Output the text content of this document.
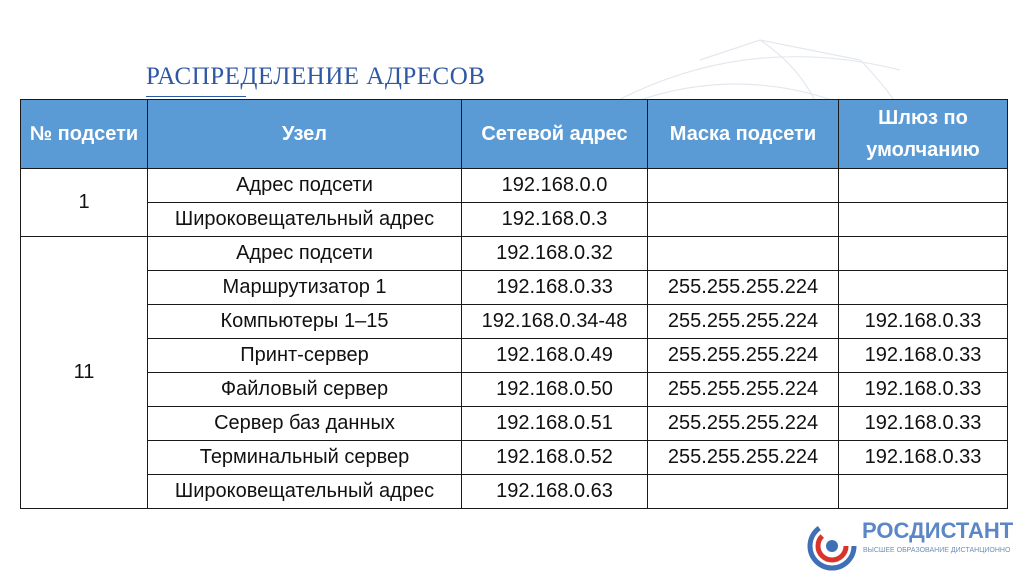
РАСПРЕДЕЛЕНИЕ АДРЕСОВ
№ подсети	Узел	Сетевой адрес	Маска подсети	Шлюз по умолчанию
1	Адрес подсети	192.168.0.0		
	Широковещательный адрес	192.168.0.3		
11	Адрес подсети	192.168.0.32		
	Маршрутизатор 1	192.168.0.33	255.255.255.224	
	Компьютеры 1–15	192.168.0.34-48	255.255.255.224	192.168.0.33
	Принт-сервер	192.168.0.49	255.255.255.224	192.168.0.33
	Файловый сервер	192.168.0.50	255.255.255.224	192.168.0.33
	Сервер баз данных	192.168.0.51	255.255.255.224	192.168.0.33
	Терминальный сервер	192.168.0.52	255.255.255.224	192.168.0.33
	Широковещательный адрес	192.168.0.63		
РОСДИСТАНТ
ВЫСШЕЕ ОБРАЗОВАНИЕ ДИСТАНЦИОННО
